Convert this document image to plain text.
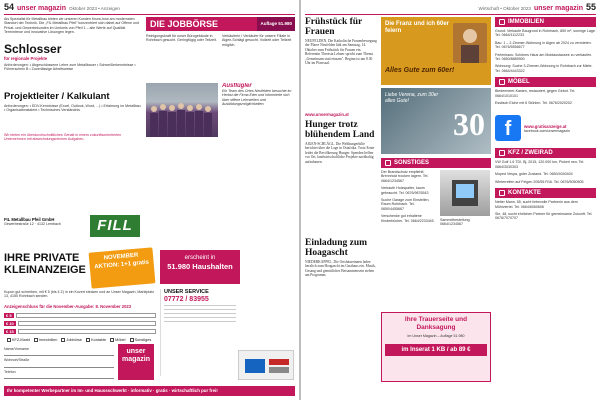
54 unser magazin Oktober 2023 • Anzeigen
Als Spezialist für Metallbau bieten wir unseren Kunden Know-how am modernsten Standort der Technik. Die „FIL Metallbau Pfeil" konzentriert sich dabei auf Offene und Privat- und Gewerbekunden im Umkreis von Pfeil 1 – alle Werte auf Qualität. Termintreue und innovative Lösungen legen.
Schlosser
für regionale Projekte
Anforderungen: • Abgeschlossene Lehre zum Metallbauer • Schweißerkenntnisse • Führerschein B • Zuverlässige Arbeitsweise
Projektleiter / Kalkulant
Anforderungen: • EDV-Kenntnisse (Excel, Outlook, Word, ...) • Erfahrung im Metallbau • Organisationstalent • Technisches Verständnis
Wir bieten ein überdurchschnittliches Gehalt in einem zukunftsorientierten Unternehmen mit abwechslungsreichen Aufgaben.
FIL Metallbau Pfeil GmbH
Gewerbestraße 12 · 4132 Lembach	FILL
DIE JOBBÖRSE	Auflage 51.980
Reinigungskraft für unser Bürogebäude in Rohrbach gesucht. Geringfügig oder Teilzeit.
Verkäuferin / Verkäufer für unsere Filiale in Aigen-Schlägl gesucht. Vollzeit oder Teilzeit möglich.
Ausflügler
Ein Team des Ortes Neufelden besuchte im Herbst die Firma Eder und informierte sich über offene Lehrstellen und Ausbildungsmöglichkeiten.
IHRE PRIVATE KLEINANZEIGE
NOVEMBER AKTION: 1+1 gratis
erscheint in
51.980 Haushalten
UNSER SERVICE
07772 / 83955
Kupon gut schreiben, mit € 5 (bis 4 Z) in ein Kuvert stecken und an Unser Magazin, Marktplatz 13, 4150 Rohrbach senden.
Anzeigenschluss für die November-Ausgabe: 8. November 2023
€ 5
€ 10
€ 15
KFZ-Markt Immobilien Jobbörse Kontakte Möbel Sonstiges
Name/Vorname
Wohnort/Straße
Telefon
unser magazin
Ihr kompetenter Werbepartner im Im- und Haussschwerkt · informativ · gratis · wirtschaftlich pur frei!
Wirtschaft • Oktober 2023 unser magazin 55
Frühstück für Frauen
NEUFELDEN. Die Katholische Frauenbewegung der Pfarre Neufelden lädt am Samstag, 14. Oktober zum Frühstück für Frauen ein. Referentin Theresia Lehner spricht zum Thema „Gemeinsam statt einsam". Beginn ist um 8.30 Uhr im Pfarrsaal.
www.unsermagazin.at
Hunger trotz blühendem Land
AIGEN-SCHLÄGL. Die Welthungerhilfe berichtet über die Lage in Ostafrika. Trotz Ernte leidet die Bevölkerung Hunger. Spenden helfen vor Ort, landwirtschaftliche Projekte nachhaltig aufzubauen.
Einladung zum Hoagascht
NIEDERKAPPEL. Die Ortsbäuerinnen laden herzlich zum Hoagascht im Gasthaus ein. Musik, Gesang und gemütliches Beisammensein stehen am Programm.
Die Franz und ich 60er feiern
Alles Gute zum 60er!
Liebe Verena, zum 30er alles Gute!
30
SONSTIGES
Der Brandschutz empfiehlt: Brennholz trocken lagern. Tel. 0664/1234567
Verkaufe Holzspalter, kaum gebraucht. Tel. 0676/9876543
Suche Garage zum Einstellen, Raum Rohrbach. Tel. 0650/4455667
Verschenke gut erhaltene Kinderbücher. Tel. 0664/2233445	Sammelbestellung 0664/1234567
Ihre Trauerseite und Danksagung
im Unser Magazin – Auflage 51.980
im Inserat 1 KB / ab 89 €
IMMOBILIEN
Grund: Verkaufe Baugrund in Rohrbach, 850 m², sonnige Lage. Tel. 0664/1112233
Bau: 1 – 2-Zimmer-Wohnung in Aigen ab 2024 zu vermieten. Tel. 0676/5556677
Ferienhaus: Schönes Haus am Moldaustausee zu verkaufen. Tel. 0650/8889900
Wohnung: Suche 3-Zimmer-Wohnung in Rohrbach zur Miete. Tel. 0664/4443322
MÖBEL
Biedermeier-Kasten, restauriert, gegen Gebot. Tel. 0664/1010101
Esstisch Eiche mit 6 Stühlen. Tel. 0676/2020202
f	www.gratisanzeige.at
facebook.com/unsermagazin
KFZ / ZWEIRAD
VW Golf 1.6 TDI, Bj. 2015, 120.000 km, Pickerl neu. Tel. 0664/3030303
Moped Vespa, guter Zustand. Tel. 0650/4040404
Winterreifen auf Felgen 205/55 R16. Tel. 0676/5050505
KONTAKTE
Netter Mann, 55, sucht liebevolle Partnerin aus dem Mühlviertel. Tel. 0664/6060606
Sie, 48, sucht ehrlichen Partner für gemeinsame Zukunft. Tel. 0676/7070707
